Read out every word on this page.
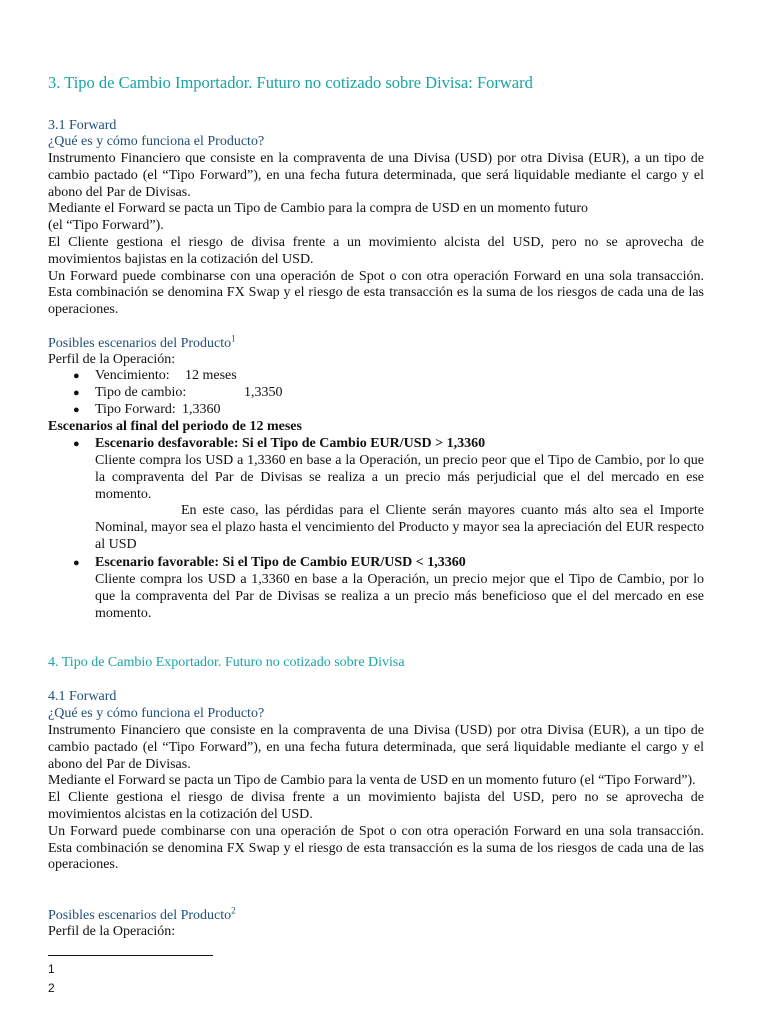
3. Tipo de Cambio Importador. Futuro no cotizado sobre Divisa: Forward
3.1 Forward
¿Qué es y cómo funciona el Producto?
Instrumento Financiero que consiste en la compraventa de una Divisa (USD) por otra Divisa (EUR), a un tipo de cambio pactado (el “Tipo Forward”), en una fecha futura determinada, que será liquidable mediante el cargo y el abono del Par de Divisas.
Mediante el Forward se pacta un Tipo de Cambio para la compra de USD en un momento futuro
(el “Tipo Forward”).
El Cliente gestiona el riesgo de divisa frente a un movimiento alcista del USD, pero no se aprovecha de movimientos bajistas en la cotización del USD.
Un Forward puede combinarse con una operación de Spot o con otra operación Forward en una sola transacción. Esta combinación se denomina FX Swap y el riesgo de esta transacción es la suma de los riesgos de cada una de las operaciones.
Posibles escenarios del Producto$^1$
Perfil de la Operación:
● Vencimiento: 12 meses
● Tipo de cambio:	1,3350
● Tipo Forward: 1,3360
Escenarios al final del periodo de 12 meses
● Escenario desfavorable: Si el Tipo de Cambio EUR/USD > 1,3360
Cliente compra los USD a 1,3360 en base a la Operación, un precio peor que el Tipo de Cambio, por lo que la compraventa del Par de Divisas se realiza a un precio más perjudicial que el del mercado en ese momento.
En este caso, las pérdidas para el Cliente serán mayores cuanto más alto sea el Importe Nominal, mayor sea el plazo hasta el vencimiento del Producto y mayor sea la apreciación del EUR respecto al USD
● Escenario favorable: Si el Tipo de Cambio EUR/USD < 1,3360
Cliente compra los USD a 1,3360 en base a la Operación, un precio mejor que el Tipo de Cambio, por lo que la compraventa del Par de Divisas se realiza a un precio más beneficioso que el del mercado en ese momento.
4. Tipo de Cambio Exportador. Futuro no cotizado sobre Divisa
4.1 Forward
¿Qué es y cómo funciona el Producto?
Instrumento Financiero que consiste en la compraventa de una Divisa (USD) por otra Divisa (EUR), a un tipo de cambio pactado (el “Tipo Forward”), en una fecha futura determinada, que será liquidable mediante el cargo y el abono del Par de Divisas.
Mediante el Forward se pacta un Tipo de Cambio para la venta de USD en un momento futuro (el “Tipo Forward”).
El Cliente gestiona el riesgo de divisa frente a un movimiento bajista del USD, pero no se aprovecha de movimientos alcistas en la cotización del USD.
Un Forward puede combinarse con una operación de Spot o con otra operación Forward en una sola transacción. Esta combinación se denomina FX Swap y el riesgo de esta transacción es la suma de los riesgos de cada una de las operaciones.
Posibles escenarios del Producto$^2$
Perfil de la Operación:
1
2
